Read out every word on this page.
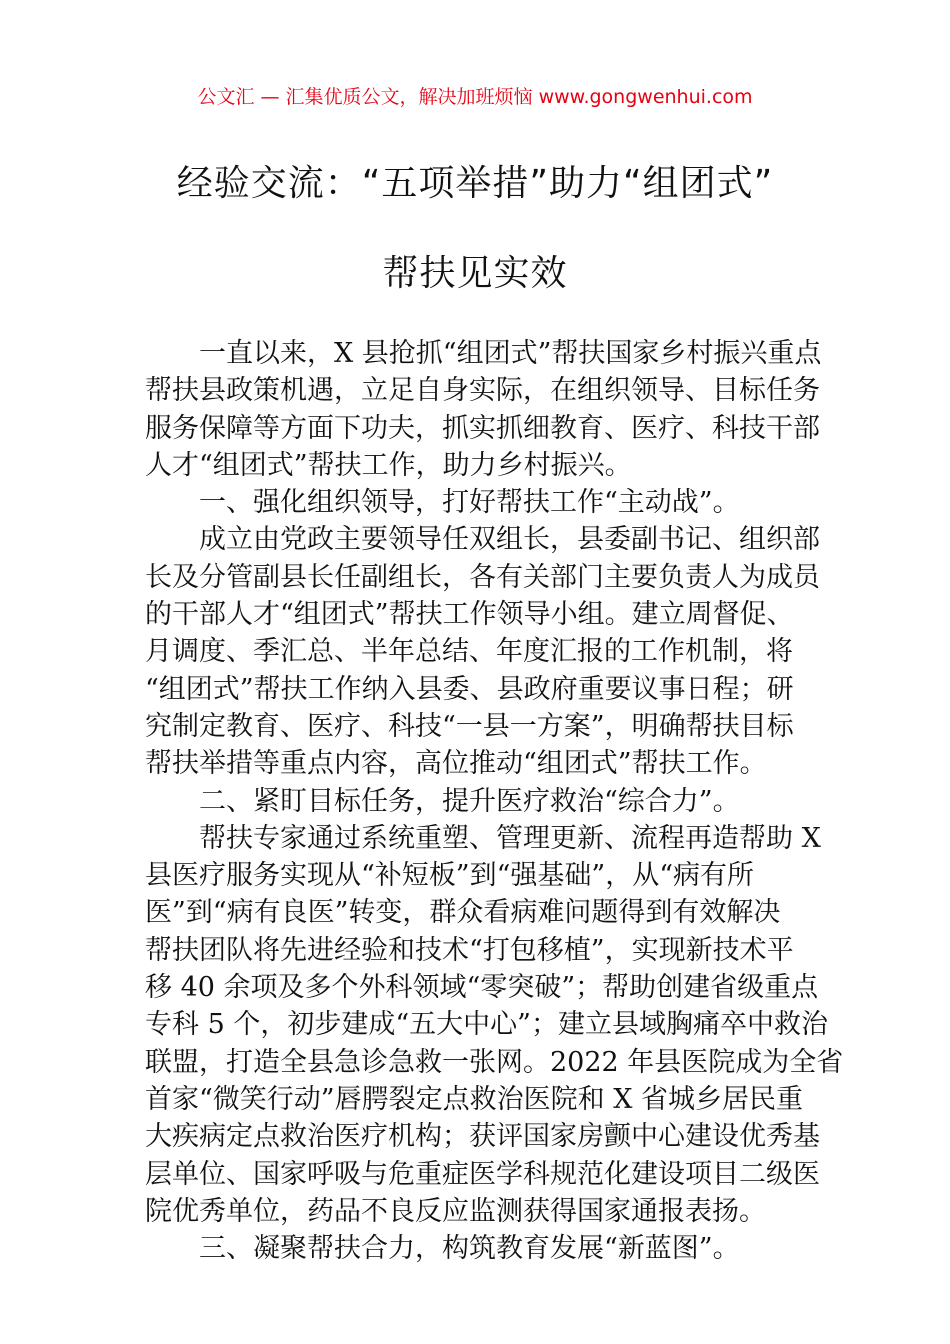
公文汇 — 汇集优质公文，解决加班烦恼 www.gongwenhui.com
经验交流：“五项举措”助力“组团式”
帮扶见实效

一直以来，X 县抢抓“组团式”帮扶国家乡村振兴重点

帮扶县政策机遇，立足自身实际，在组织领导、目标任务

服务保障等方面下功夫，抓实抓细教育、医疗、科技干部

人才“组团式”帮扶工作，助力乡村振兴。

一、强化组织领导，打好帮扶工作“主动战”。

成立由党政主要领导任双组长，县委副书记、组织部

长及分管副县长任副组长，各有关部门主要负责人为成员

的干部人才“组团式”帮扶工作领导小组。建立周督促、

月调度、季汇总、半年总结、年度汇报的工作机制，将

“组团式”帮扶工作纳入县委、县政府重要议事日程；研

究制定教育、医疗、科技“一县一方案”，明确帮扶目标

帮扶举措等重点内容，高位推动“组团式”帮扶工作。

二、紧盯目标任务，提升医疗救治“综合力”。

帮扶专家通过系统重塑、管理更新、流程再造帮助 X

县医疗服务实现从“补短板”到“强基础”，从“病有所

医”到“病有良医”转变，群众看病难问题得到有效解决

帮扶团队将先进经验和技术“打包移植”，实现新技术平

移 40 余项及多个外科领域“零突破”；帮助创建省级重点

专科 5 个，初步建成“五大中心”；建立县域胸痛卒中救治

联盟，打造全县急诊急救一张网。2022 年县医院成为全省

首家“微笑行动”唇腭裂定点救治医院和 X 省城乡居民重

大疾病定点救治医疗机构；获评国家房颤中心建设优秀基

层单位、国家呼吸与危重症医学科规范化建设项目二级医

院优秀单位，药品不良反应监测获得国家通报表扬。

三、凝聚帮扶合力，构筑教育发展“新蓝图”。
